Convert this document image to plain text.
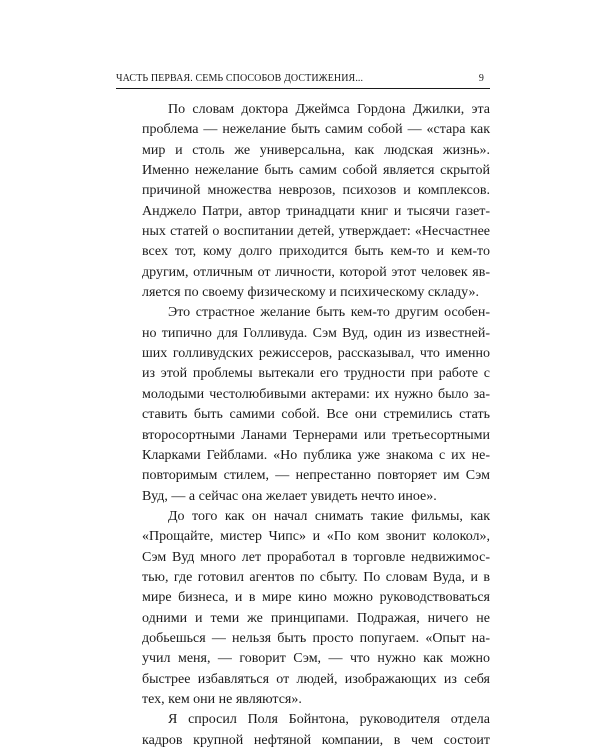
ЧАСТЬ ПЕРВАЯ. СЕМЬ СПОСОБОВ ДОСТИЖЕНИЯ...	9
По словам доктора Джеймса Гордона Джилки, эта
проблема — нежелание быть самим собой — «стара как
мир и столь же универсальна, как людская жизнь».
Именно нежелание быть самим собой является скрытой
причиной множества неврозов, психозов и комплексов.
Анджело Патри, автор тринадцати книг и тысячи газет-
ных статей о воспитании детей, утверждает: «Несчастнее
всех тот, кому долго приходится быть кем-то и кем-то
другим, отличным от личности, которой этот человек яв-
ляется по своему физическому и психическому складу».
Это страстное желание быть кем-то другим особен-
но типично для Голливуда. Сэм Вуд, один из известней-
ших голливудских режиссеров, рассказывал, что именно
из этой проблемы вытекали его трудности при работе с
молодыми честолюбивыми актерами: их нужно было за-
ставить быть самими собой. Все они стремились стать
второсортными Ланами Тернерами или третьесортными
Кларками Гейблами. «Но публика уже знакома с их не-
повторимым стилем, — непрестанно повторяет им Сэм
Вуд, — а сейчас она желает увидеть нечто иное».
До того как он начал снимать такие фильмы, как
«Прощайте, мистер Чипс» и «По ком звонит колокол»,
Сэм Вуд много лет проработал в торговле недвижимос-
тью, где готовил агентов по сбыту. По словам Вуда, и в
мире бизнеса, и в мире кино можно руководствоваться
одними и теми же принципами. Подражая, ничего не
добьешься — нельзя быть просто попугаем. «Опыт на-
учил меня, — говорит Сэм, — что нужно как можно
быстрее избавляться от людей, изображающих из себя
тех, кем они не являются».
Я спросил Поля Бойнтона, руководителя отдела
кадров крупной нефтяной компании, в чем состоит
